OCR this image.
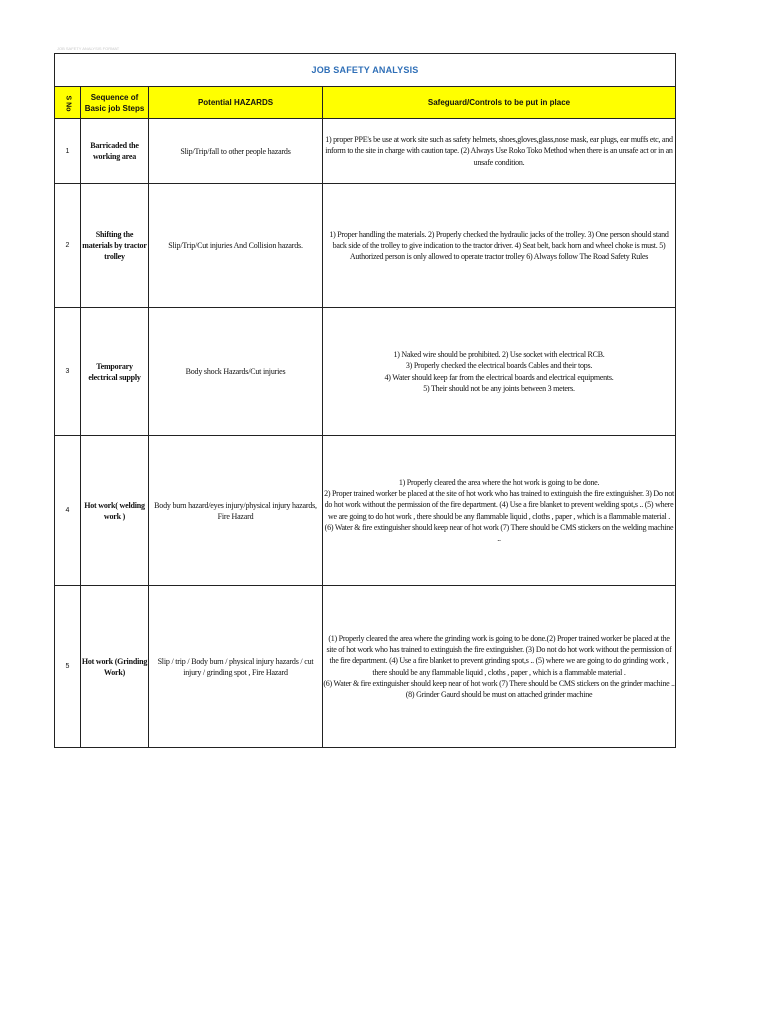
JOB SAFETY ANALYSIS FORMAT
JOB SAFETY ANALYSIS			
S No	Sequence of Basic job Steps	Potential HAZARDS	Safeguard/Controls to be put in place
1	Barricaded the working area	Slip/Trip/fall to other people hazards	1) proper PPE's be use at work site such as safety helmets, shoes,gloves,glass,nose mask, ear plugs, ear muffs etc, and inform to the site in charge with caution tape. (2) Always Use Roko Toko Method when there is an unsafe act or in an unsafe condition.
2	Shifting the materials by tractor trolley	Slip/Trip/Cut injuries And Collision hazards.	1) Proper handling the materials. 2) Properly checked the hydraulic jacks of the trolley. 3) One person should stand back side of the trolley to give indication to the tractor driver. 4) Seat belt, back horn and wheel choke is must. 5) Authorized person is only allowed to operate tractor trolley 6) Always follow The Road Safety Rules
3	Temporary electrical supply	Body shock Hazards/Cut injuries	1) Naked wire should be prohibited. 2) Use socket with electrical RCB.
3) Properly checked the electrical boards Cables and their tops.
4) Water should keep far from the electrical boards and electrical equipments.
5) Their should not be any joints between 3 meters.
4	Hot work( welding work )	Body burn hazard/eyes injury/physical injury hazards, Fire Hazard	1) Properly cleared the area where the hot work is going to be done.
2) Proper trained worker be placed at the site of hot work who has trained to extinguish the fire extinguisher. 3) Do not do hot work without the permission of the fire department. (4) Use a fire blanket to prevent welding spot,s .. (5) where we are going to do hot work , there should be any flammable liquid , cloths , paper , which is a flammable material .
(6) Water & fire extinguisher should keep near of hot work (7) There should be CMS stickers on the welding machine ..
5	Hot work (Grinding Work)	Slip / trip / Body burn / physical injury hazards / cut injury / grinding spot , Fire Hazard	(1) Properly cleared the area where the grinding work is going to be done.(2) Proper trained worker be placed at the site of hot work who has trained to extinguish the fire extinguisher. (3) Do not do hot work without the permission of the fire department. (4) Use a fire blanket to prevent grinding spot,s .. (5) where we are going to do grinding work , there should be any flammable liquid , cloths , paper , which is a flammable material .
(6) Water & fire extinguisher should keep near of hot work (7) There should be CMS stickers on the grinder machine ..
(8) Grinder Gaurd should be must on attached grinder machine
